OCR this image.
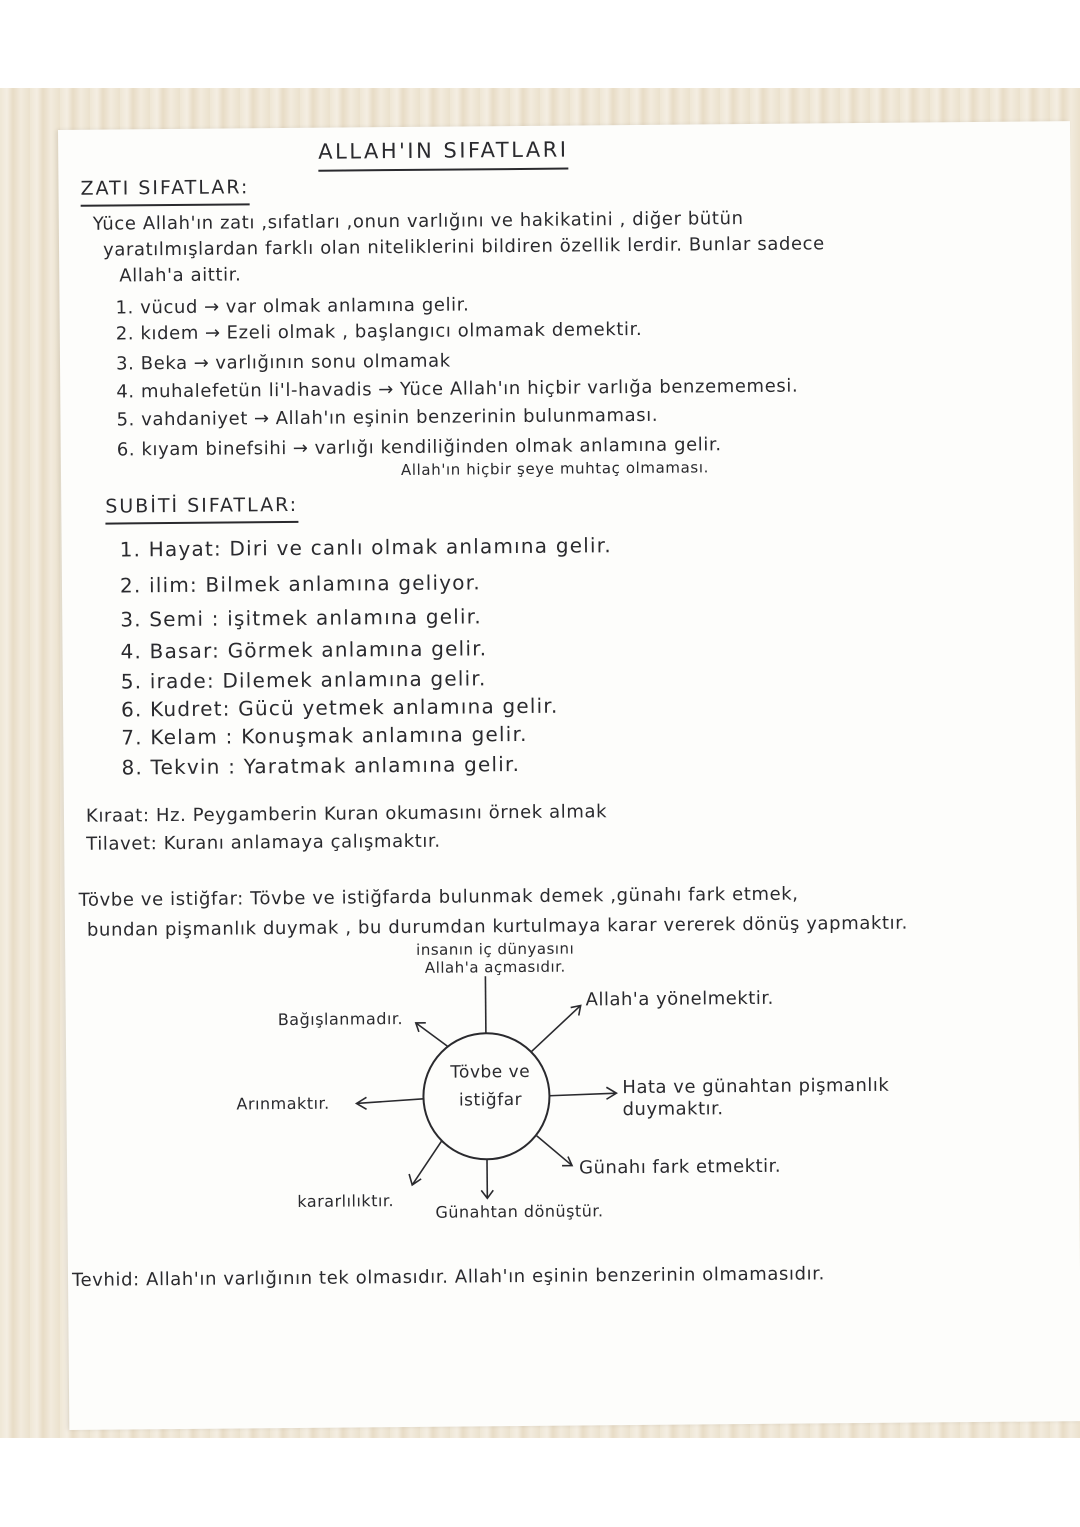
ALLAH'IN SIFATLARI
ZATI SIFATLAR:
Yüce Allah'ın zatı ,sıfatları ,onun varlığını ve hakikatini , diğer bütün
yaratılmışlardan farklı olan niteliklerini bildiren özellik lerdir. Bunlar sadece
Allah'a aittir.
1. vücud → var olmak anlamına gelir.
2. kıdem → Ezeli olmak , başlangıcı olmamak demektir.
3. Beka → varlığının sonu olmamak
4. muhalefetün li'l-havadis → Yüce Allah'ın hiçbir varlığa benzememesi.
5. vahdaniyet → Allah'ın eşinin benzerinin bulunmaması.
6. kıyam binefsihi → varlığı kendiliğinden olmak anlamına gelir.
Allah'ın hiçbir şeye muhtaç olmaması.
SUBİTİ SIFATLAR:
1. Hayat: Diri ve canlı olmak anlamına gelir.
2. ilim: Bilmek anlamına geliyor.
3. Semi : işitmek anlamına gelir.
4. Basar: Görmek anlamına gelir.
5. irade: Dilemek anlamına gelir.
6. Kudret: Gücü yetmek anlamına gelir.
7. Kelam : Konuşmak anlamına gelir.
8. Tekvin : Yaratmak anlamına gelir.
Kıraat: Hz. Peygamberin Kuran okumasını örnek almak
Tilavet: Kuranı anlamaya çalışmaktır.
Tövbe ve istiğfar: Tövbe ve istiğfarda bulunmak demek ,günahı fark etmek,
bundan pişmanlık duymak , bu durumdan kurtulmaya karar vererek dönüş yapmaktır.
Tövbe ve istiğfar
insanın iç dünyasını Allah'a açmasıdır.
Allah'a yönelmektir.
Hata ve günahtan pişmanlık duymaktır.
Günahı fark etmektir.
Günahtan dönüştür.
kararlılıktır.
Arınmaktır.
Bağışlanmadır.
Tevhid: Allah'ın varlığının tek olmasıdır. Allah'ın eşinin benzerinin olmamasıdır.
